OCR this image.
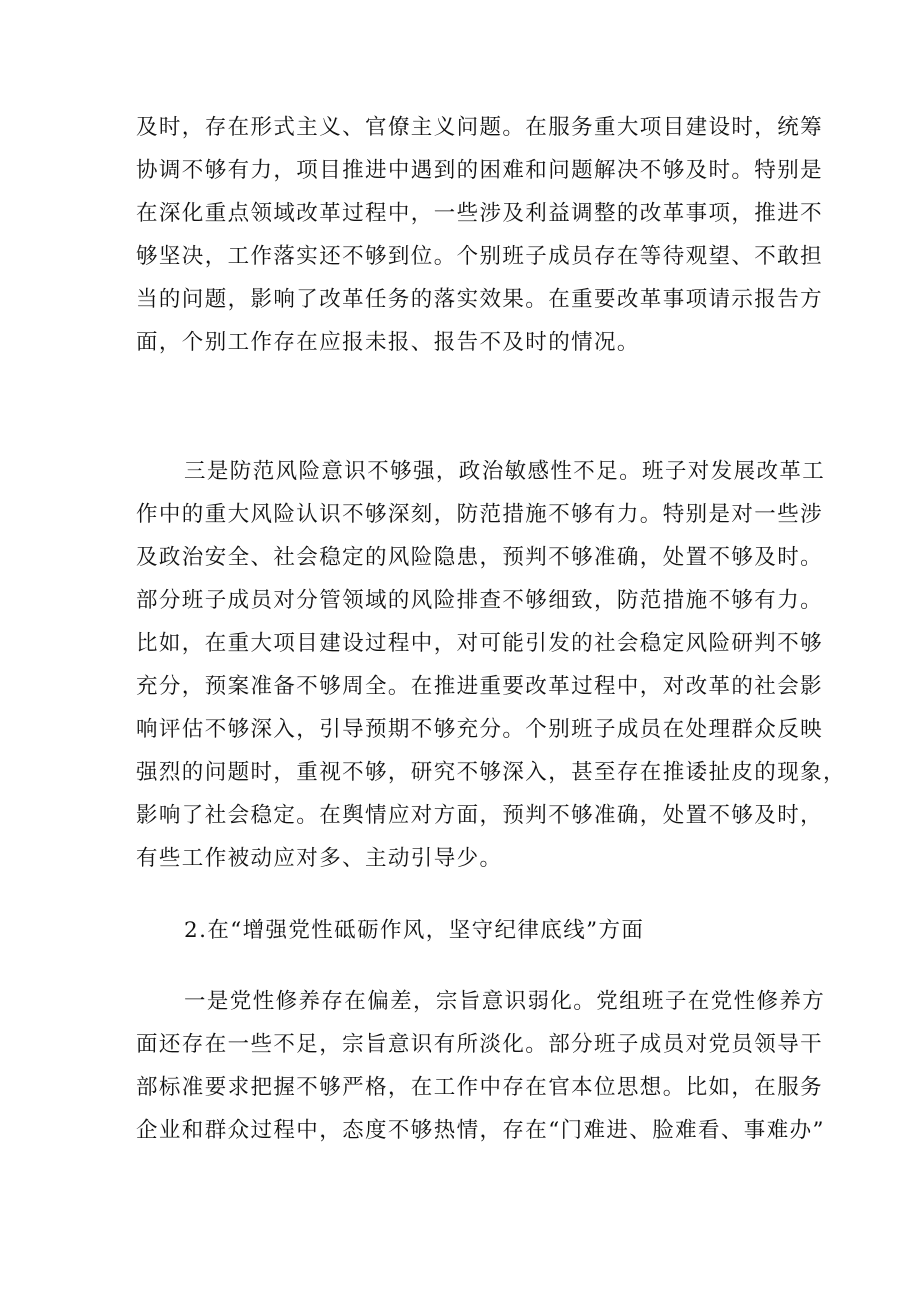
及时，存在形式主义、官僚主义问题。在服务重大项目建设时，统筹
协调不够有力，项目推进中遇到的困难和问题解决不够及时。特别是
在深化重点领域改革过程中，一些涉及利益调整的改革事项，推进不
够坚决，工作落实还不够到位。个别班子成员存在等待观望、不敢担
当的问题，影响了改革任务的落实效果。在重要改革事项请示报告方
面，个别工作存在应报未报、报告不及时的情况。
三是防范风险意识不够强，政治敏感性不足。班子对发展改革工
作中的重大风险认识不够深刻，防范措施不够有力。特别是对一些涉
及政治安全、社会稳定的风险隐患，预判不够准确，处置不够及时。
部分班子成员对分管领域的风险排查不够细致，防范措施不够有力。
比如，在重大项目建设过程中，对可能引发的社会稳定风险研判不够
充分，预案准备不够周全。在推进重要改革过程中，对改革的社会影
响评估不够深入，引导预期不够充分。个别班子成员在处理群众反映
强烈的问题时，重视不够，研究不够深入，甚至存在推诿扯皮的现象，
影响了社会稳定。在舆情应对方面，预判不够准确，处置不够及时，
有些工作被动应对多、主动引导少。
2.在“增强党性砥砺作风，坚守纪律底线”方面
一是党性修养存在偏差，宗旨意识弱化。党组班子在党性修养方
面还存在一些不足，宗旨意识有所淡化。部分班子成员对党员领导干
部标准要求把握不够严格，在工作中存在官本位思想。比如，在服务
企业和群众过程中，态度不够热情，存在“门难进、脸难看、事难办”
